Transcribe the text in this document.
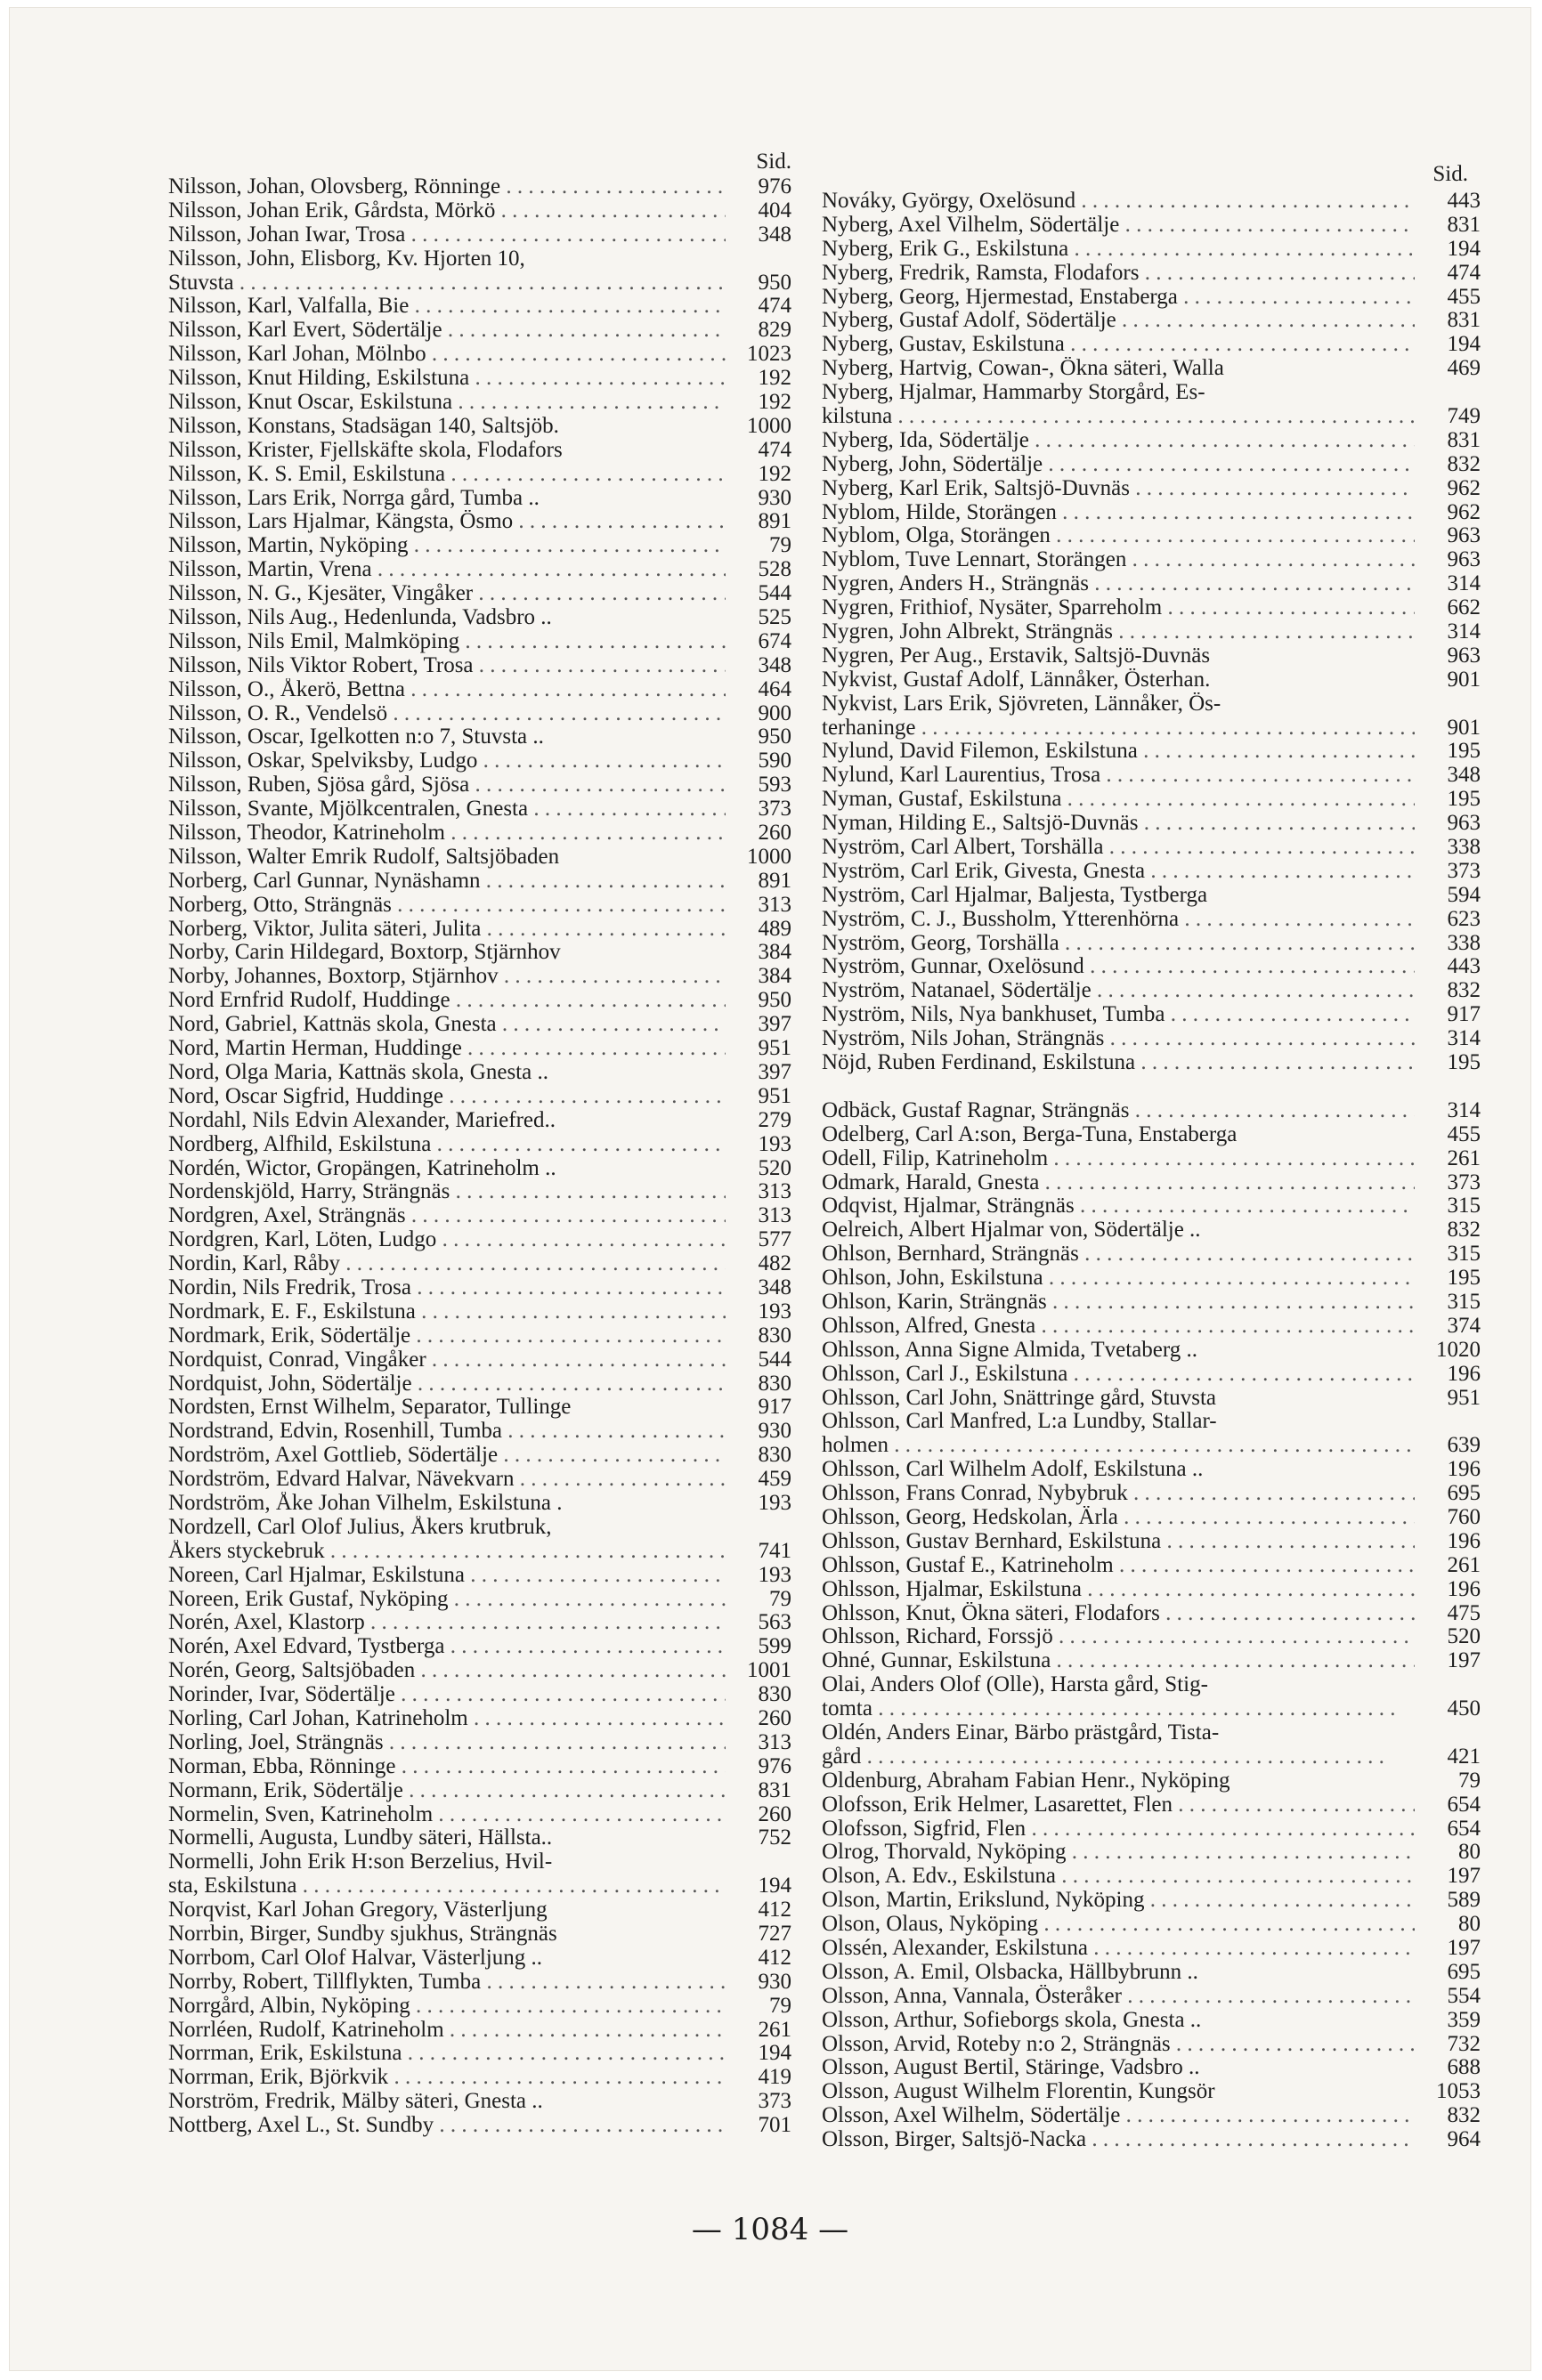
Sid.
Nilsson, Johan, Olovsberg, Rönninge . . .	976
Nilsson, Johan Erik, Gårdsta, Mörkö . . .	404
Nilsson, Johan Iwar, Trosa . . .	348
Nilsson, John, Elisborg, Kv. Hjorten 10,
Stuvsta . . .	950
Nilsson, Karl, Valfalla, Bie . . .	474
Nilsson, Karl Evert, Södertälje . . .	829
Nilsson, Karl Johan, Mölnbo . . .	1023
Nilsson, Knut Hilding, Eskilstuna . . .	192
Nilsson, Knut Oscar, Eskilstuna . . .	192
Nilsson, Konstans, Stadsägan 140, Saltsjöb.	1000
Nilsson, Krister, Fjellskäfte skola, Flodafors	474
Nilsson, K. S. Emil, Eskilstuna . . .	192
Nilsson, Lars Erik, Norrga gård, Tumba ..	930
Nilsson, Lars Hjalmar, Kängsta, Ösmo . . .	891
Nilsson, Martin, Nyköping . . .	79
Nilsson, Martin, Vrena . . .	528
Nilsson, N. G., Kjesäter, Vingåker . . .	544
Nilsson, Nils Aug., Hedenlunda, Vadsbro ..	525
Nilsson, Nils Emil, Malmköping . . .	674
Nilsson, Nils Viktor Robert, Trosa . . .	348
Nilsson, O., Åkerö, Bettna . . .	464
Nilsson, O. R., Vendelsö . . .	900
Nilsson, Oscar, Igelkotten n:o 7, Stuvsta ..	950
Nilsson, Oskar, Spelviksby, Ludgo . . .	590
Nilsson, Ruben, Sjösa gård, Sjösa . . .	593
Nilsson, Svante, Mjölkcentralen, Gnesta . . .	373
Nilsson, Theodor, Katrineholm . . .	260
Nilsson, Walter Emrik Rudolf, Saltsjöbaden	1000
Norberg, Carl Gunnar, Nynäshamn . . .	891
Norberg, Otto, Strängnäs . . .	313
Norberg, Viktor, Julita säteri, Julita . . .	489
Norby, Carin Hildegard, Boxtorp, Stjärnhov	384
Norby, Johannes, Boxtorp, Stjärnhov . . .	384
Nord Ernfrid Rudolf, Huddinge . . .	950
Nord, Gabriel, Kattnäs skola, Gnesta . . .	397
Nord, Martin Herman, Huddinge . . .	951
Nord, Olga Maria, Kattnäs skola, Gnesta ..	397
Nord, Oscar Sigfrid, Huddinge . . .	951
Nordahl, Nils Edvin Alexander, Mariefred..	279
Nordberg, Alfhild, Eskilstuna . . .	193
Nordén, Wictor, Gropängen, Katrineholm ..	520
Nordenskjöld, Harry, Strängnäs . . .	313
Nordgren, Axel, Strängnäs . . .	313
Nordgren, Karl, Löten, Ludgo . . .	577
Nordin, Karl, Råby . . .	482
Nordin, Nils Fredrik, Trosa . . .	348
Nordmark, E. F., Eskilstuna . . .	193
Nordmark, Erik, Södertälje . . .	830
Nordquist, Conrad, Vingåker . . .	544
Nordquist, John, Södertälje . . .	830
Nordsten, Ernst Wilhelm, Separator, Tullinge	917
Nordstrand, Edvin, Rosenhill, Tumba . . .	930
Nordström, Axel Gottlieb, Södertälje . . .	830
Nordström, Edvard Halvar, Nävekvarn . . .	459
Nordström, Åke Johan Vilhelm, Eskilstuna .	193
Nordzell, Carl Olof Julius, Åkers krutbruk,
Åkers styckebruk . . .	741
Noreen, Carl Hjalmar, Eskilstuna . . .	193
Noreen, Erik Gustaf, Nyköping . . .	79
Norén, Axel, Klastorp . . .	563
Norén, Axel Edvard, Tystberga . . .	599
Norén, Georg, Saltsjöbaden . . .	1001
Norinder, Ivar, Södertälje . . .	830
Norling, Carl Johan, Katrineholm . . .	260
Norling, Joel, Strängnäs . . .	313
Norman, Ebba, Rönninge . . .	976
Normann, Erik, Södertälje . . .	831
Normelin, Sven, Katrineholm . . .	260
Normelli, Augusta, Lundby säteri, Hällsta..	752
Normelli, John Erik H:son Berzelius, Hvil-
sta, Eskilstuna . . .	194
Norqvist, Karl Johan Gregory, Västerljung	412
Norrbin, Birger, Sundby sjukhus, Strängnäs	727
Norrbom, Carl Olof Halvar, Västerljung ..	412
Norrby, Robert, Tillflykten, Tumba . . .	930
Norrgård, Albin, Nyköping . . .	79
Norrléen, Rudolf, Katrineholm . . .	261
Norrman, Erik, Eskilstuna . . .	194
Norrman, Erik, Björkvik . . .	419
Norström, Fredrik, Mälby säteri, Gnesta ..	373
Nottberg, Axel L., St. Sundby . . .	701
Sid.
Nováky, György, Oxelösund . . .	443
Nyberg, Axel Vilhelm, Södertälje . . .	831
Nyberg, Erik G., Eskilstuna . . .	194
Nyberg, Fredrik, Ramsta, Flodafors . . .	474
Nyberg, Georg, Hjermestad, Enstaberga . . .	455
Nyberg, Gustaf Adolf, Södertälje . . .	831
Nyberg, Gustav, Eskilstuna . . .	194
Nyberg, Hartvig, Cowan-, Ökna säteri, Walla	469
Nyberg, Hjalmar, Hammarby Storgård, Es-
kilstuna . . .	749
Nyberg, Ida, Södertälje . . .	831
Nyberg, John, Södertälje . . .	832
Nyberg, Karl Erik, Saltsjö-Duvnäs . . .	962
Nyblom, Hilde, Storängen . . .	962
Nyblom, Olga, Storängen . . .	963
Nyblom, Tuve Lennart, Storängen . . .	963
Nygren, Anders H., Strängnäs . . .	314
Nygren, Frithiof, Nysäter, Sparreholm . . .	662
Nygren, John Albrekt, Strängnäs . . .	314
Nygren, Per Aug., Erstavik, Saltsjö-Duvnäs	963
Nykvist, Gustaf Adolf, Lännåker, Österhan.	901
Nykvist, Lars Erik, Sjövreten, Lännåker, Ös-
terhaninge . . .	901
Nylund, David Filemon, Eskilstuna . . .	195
Nylund, Karl Laurentius, Trosa . . .	348
Nyman, Gustaf, Eskilstuna . . .	195
Nyman, Hilding E., Saltsjö-Duvnäs . . .	963
Nyström, Carl Albert, Torshälla . . .	338
Nyström, Carl Erik, Givesta, Gnesta . . .	373
Nyström, Carl Hjalmar, Baljesta, Tystberga	594
Nyström, C. J., Bussholm, Ytterenhörna . . .	623
Nyström, Georg, Torshälla . . .	338
Nyström, Gunnar, Oxelösund . . .	443
Nyström, Natanael, Södertälje . . .	832
Nyström, Nils, Nya bankhuset, Tumba . . .	917
Nyström, Nils Johan, Strängnäs . . .	314
Nöjd, Ruben Ferdinand, Eskilstuna . . .	195
Odbäck, Gustaf Ragnar, Strängnäs . . .	314
Odelberg, Carl A:son, Berga-Tuna, Enstaberga	455
Odell, Filip, Katrineholm . . .	261
Odmark, Harald, Gnesta . . .	373
Odqvist, Hjalmar, Strängnäs . . .	315
Oelreich, Albert Hjalmar von, Södertälje ..	832
Ohlson, Bernhard, Strängnäs . . .	315
Ohlson, John, Eskilstuna . . .	195
Ohlson, Karin, Strängnäs . . .	315
Ohlsson, Alfred, Gnesta . . .	374
Ohlsson, Anna Signe Almida, Tvetaberg ..	1020
Ohlsson, Carl J., Eskilstuna . . .	196
Ohlsson, Carl John, Snättringe gård, Stuvsta	951
Ohlsson, Carl Manfred, L:a Lundby, Stallar-
holmen . . .	639
Ohlsson, Carl Wilhelm Adolf, Eskilstuna ..	196
Ohlsson, Frans Conrad, Nybybruk . . .	695
Ohlsson, Georg, Hedskolan, Ärla . . .	760
Ohlsson, Gustav Bernhard, Eskilstuna . . .	196
Ohlsson, Gustaf E., Katrineholm . . .	261
Ohlsson, Hjalmar, Eskilstuna . . .	196
Ohlsson, Knut, Ökna säteri, Flodafors . . .	475
Ohlsson, Richard, Forssjö . . .	520
Ohné, Gunnar, Eskilstuna . . .	197
Olai, Anders Olof (Olle), Harsta gård, Stig-
tomta . . .	450
Oldén, Anders Einar, Bärbo prästgård, Tista-
gård . . .	421
Oldenburg, Abraham Fabian Henr., Nyköping	79
Olofsson, Erik Helmer, Lasarettet, Flen . . .	654
Olofsson, Sigfrid, Flen . . .	654
Olrog, Thorvald, Nyköping . . .	80
Olson, A. Edv., Eskilstuna . . .	197
Olson, Martin, Erikslund, Nyköping . . .	589
Olson, Olaus, Nyköping . . .	80
Olssén, Alexander, Eskilstuna . . .	197
Olsson, A. Emil, Olsbacka, Hällbybrunn ..	695
Olsson, Anna, Vannala, Österåker . . .	554
Olsson, Arthur, Sofieborgs skola, Gnesta ..	359
Olsson, Arvid, Roteby n:o 2, Strängnäs . . .	732
Olsson, August Bertil, Stäringe, Vadsbro ..	688
Olsson, August Wilhelm Florentin, Kungsör	1053
Olsson, Axel Wilhelm, Södertälje . . .	832
Olsson, Birger, Saltsjö-Nacka . . .	964
— 1084 —
